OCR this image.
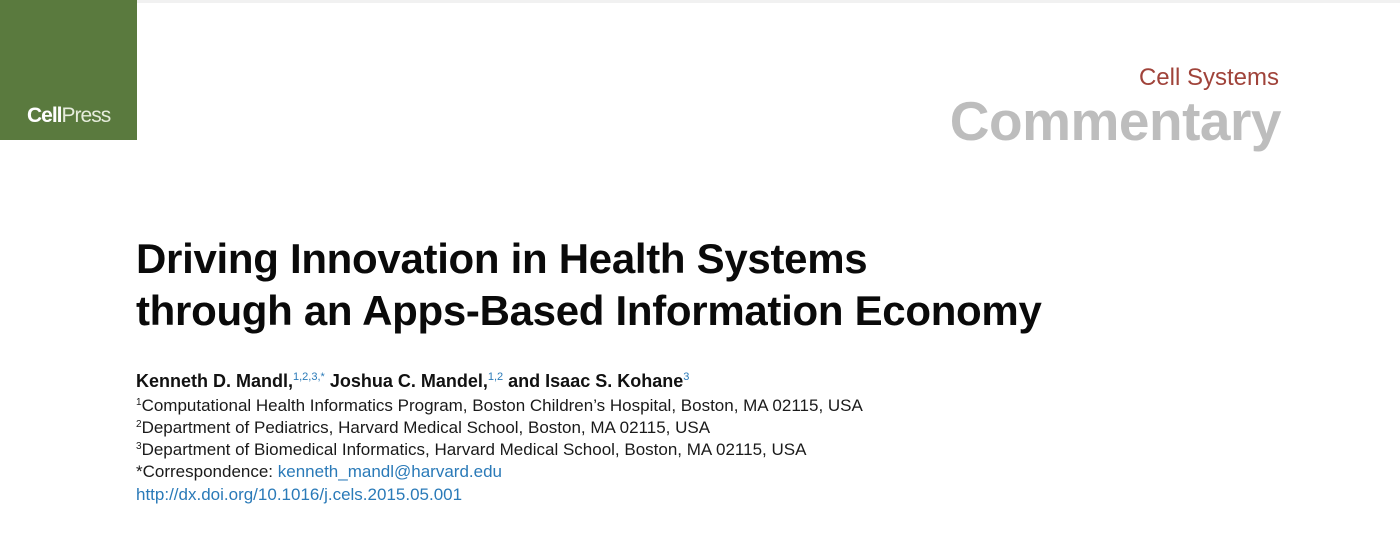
CellPress
Cell Systems
Commentary
Driving Innovation in Health Systems
through an Apps-Based Information Economy
Kenneth D. Mandl,$^{1,2,3,*}$ Joshua C. Mandel,$^{1,2}$ and Isaac S. Kohane$^3$
$^1$Computational Health Informatics Program, Boston Children’s Hospital, Boston, MA 02115, USA
$^2$Department of Pediatrics, Harvard Medical School, Boston, MA 02115, USA
$^3$Department of Biomedical Informatics, Harvard Medical School, Boston, MA 02115, USA
*Correspondence: kenneth_mandl@harvard.edu
http://dx.doi.org/10.1016/j.cels.2015.05.001
